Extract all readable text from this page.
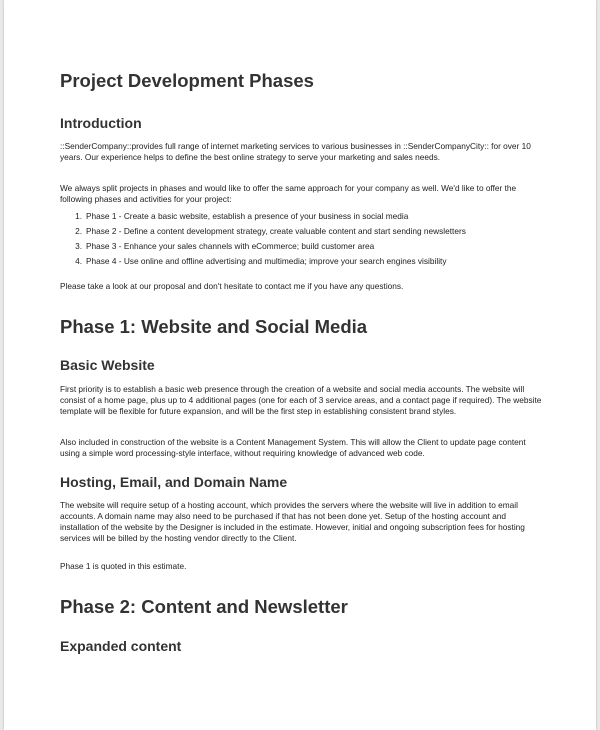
Project Development Phases
Introduction

::SenderCompany::provides full range of internet marketing services to various businesses in ::SenderCompanyCity:: for over 10 years. Our experience helps to define the best online strategy to serve your marketing and sales needs.

We always split projects in phases and would like to offer the same approach for your company as well. We'd like to offer the following phases and activities for your project:

1. Phase 1 - Create a basic website, establish a presence of your business in social media
2. Phase 2 - Define a content development strategy, create valuable content and start sending newsletters
3. Phase 3 - Enhance your sales channels with eCommerce; build customer area
4. Phase 4 - Use online and offline advertising and multimedia; improve your search engines visibility

Please take a look at our proposal and don't hesitate to contact me if you have any questions.

Phase 1: Website and Social Media
Basic Website

First priority is to establish a basic web presence through the creation of a website and social media accounts. The website will consist of a home page, plus up to 4 additional pages (one for each of 3 service areas, and a contact page if required). The website template will be flexible for future expansion, and will be the first step in establishing consistent brand styles.

Also included in construction of the website is a Content Management System. This will allow the Client to update page content using a simple word processing-style interface, without requiring knowledge of advanced web code.

Hosting, Email, and Domain Name

The website will require setup of a hosting account, which provides the servers where the website will live in addition to email accounts. A domain name may also need to be purchased if that has not been done yet. Setup of the hosting account and installation of the website by the Designer is included in the estimate. However, initial and ongoing subscription fees for hosting services will be billed by the hosting vendor directly to the Client.

Phase 1 is quoted in this estimate.

Phase 2: Content and Newsletter
Expanded content
